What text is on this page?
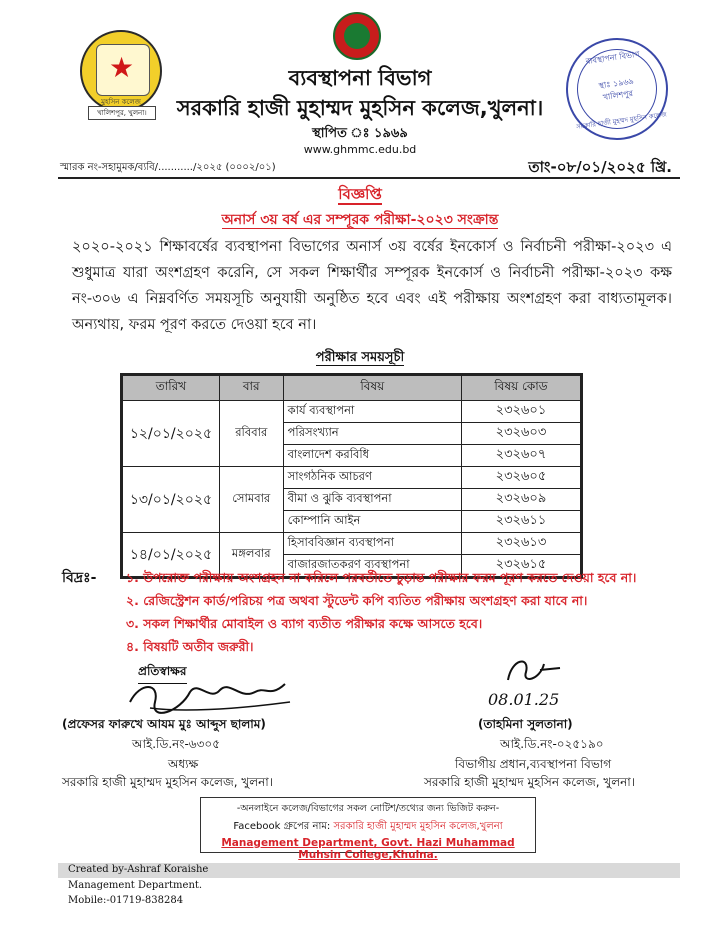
★
মুহসিন কলেজ
খালিশপুর, খুলনা।
ব্যবস্থাপনা বিভাগ
স্থাঃ ১৯৬৯
খালিশপুর
সরকারি হাজী মুহম্মদ মুহসিন কলেজ
ব্যবস্থাপনা বিভাগ
সরকারি হাজী মুহাম্মদ মুহসিন কলেজ,খুলনা।
স্থাপিত ঃ ১৯৬৯
www.ghmmc.edu.bd
স্মারক নং-সহামুমক/ব্যবি/.........../২০২৫ (০০০২/০১)	তাং-০৮/০১/২০২৫ খ্রি.
বিজ্ঞপ্তি
অনার্স ৩য় বর্ষ এর সম্পূরক পরীক্ষা-২০২৩ সংক্রান্ত
২০২০-২০২১ শিক্ষাবর্ষের ব্যবস্থাপনা বিভাগের অনার্স ৩য় বর্ষের ইনকোর্স ও নির্বাচনী পরীক্ষা-২০২৩ এ শুধুমাত্র যারা অংশগ্রহণ করেনি, সে সকল শিক্ষার্থীর সম্পূরক ইনকোর্স ও নির্বাচনী পরীক্ষা-২০২৩ কক্ষ নং-৩০৬ এ নিম্নবর্ণিত সময়সূচি অনুযায়ী অনুষ্ঠিত হবে এবং এই পরীক্ষায় অংশগ্রহণ করা বাধ্যতামূলক। অন্যথায়, ফরম পূরণ করতে দেওয়া হবে না।
পরীক্ষার সময়সূচী
তারিখ	বার	বিষয়	বিষয় কোড
১২/০১/২০২৫	রবিবার	কার্য ব্যবস্থাপনা	২৩২৬০১
		পরিসংখ্যান	২৩২৬০৩
		বাংলাদেশ করবিধি	২৩২৬০৭
১৩/০১/২০২৫	সোমবার	সাংগঠনিক আচরণ	২৩২৬০৫
		বীমা ও ঝুকি ব্যবস্থাপনা	২৩২৬০৯
		কোম্পানি আইন	২৩২৬১১
১৪/০১/২০২৫	মঙ্গলবার	হিসাববিজ্ঞান ব্যবস্থাপনা	২৩২৬১৩
		বাজারজাতকরণ ব্যবস্থাপনা	২৩২৬১৫
বিদ্রঃ- ১. উপরোক্ত পরীক্ষায় অংশগ্রহন না করিলে পরবর্তীতে চুড়ান্ত পরীক্ষার ফরম পূরণ করতে দেওয়া হবে না।
২. রেজিস্ট্রেশন কার্ড/পরিচয় পত্র অথবা স্টুডেন্ট কপি ব্যতিত পরীক্ষায় অংশগ্রহণ করা যাবে না।
৩. সকল শিক্ষার্থীর মোবাইল ও ব্যাগ ব্যতীত পরীক্ষার কক্ষে আসতে হবে।
৪. বিষয়টি অতীব জরুরী।
প্রতিস্বাক্ষর
(প্রফেসর ফারুখে আযম মুঃ আব্দুস ছালাম)
আই.ডি.নং-৬৩০৫
অধ্যক্ষ
সরকারি হাজী মুহাম্মদ মুহসিন কলেজ, খুলনা।
08.01.25
(তাহমিনা সুলতানা)
আই.ডি.নং-০২৫১৯০
বিভাগীয় প্রধান,ব্যবস্থাপনা বিভাগ
সরকারি হাজী মুহাম্মদ মুহসিন কলেজ, খুলনা।
-অনলাইনে কলেজ/বিভাগের সকল নোটিশ/তথ্যের জন্য ভিজিট করুন-
Facebook গ্রুপের নাম: সরকারি হাজী মুহাম্মদ মুহসিন কলেজ,খুলনা
Management Department, Govt. Hazi Muhammad Muhsin College,Khulna.
Created by-Ashraf Koraishe
Management Department.
Mobile:-01719-838284
